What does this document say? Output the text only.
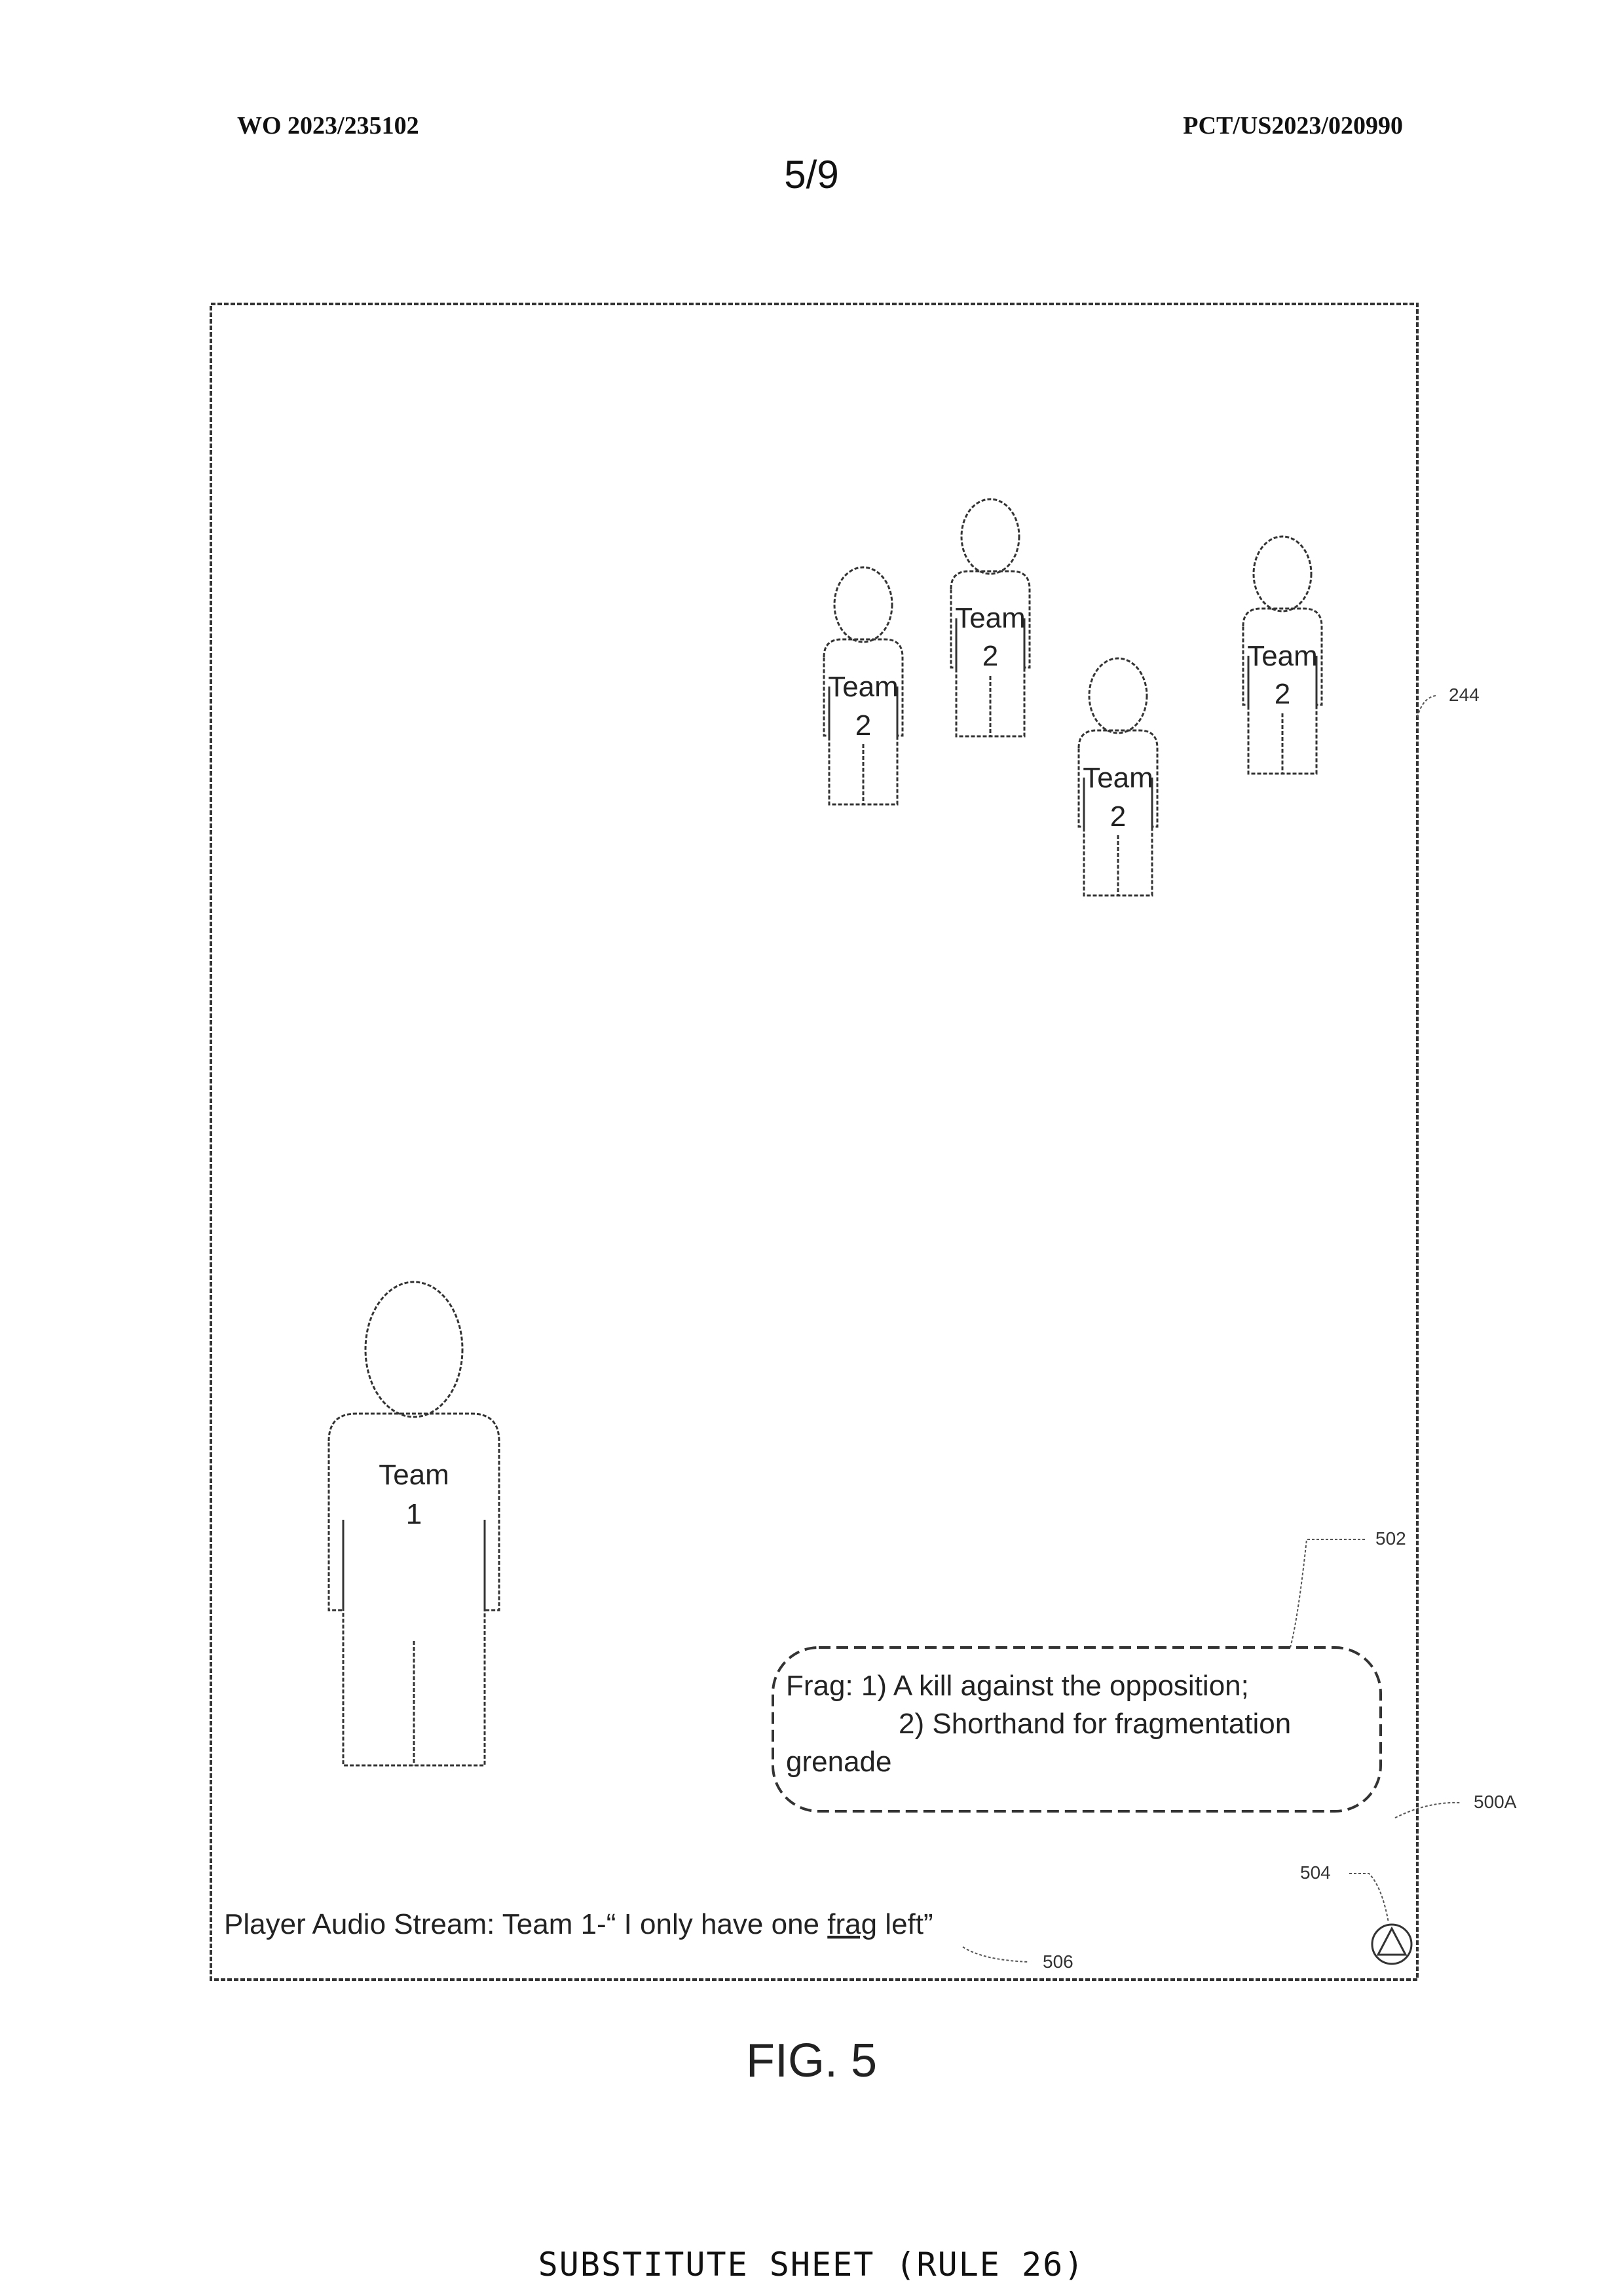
WO 2023/235102	PCT/US2023/020990
5/9
Team
2
Team
2
Team
2
Team
2
Team
1
244
Frag: 1) A kill against the opposition;
2) Shorthand for fragmentation
grenade
502
500A
504
Player Audio Stream: Team 1-“ I only have one frag left”
506
FIG. 5
SUBSTITUTE SHEET (RULE 26)
